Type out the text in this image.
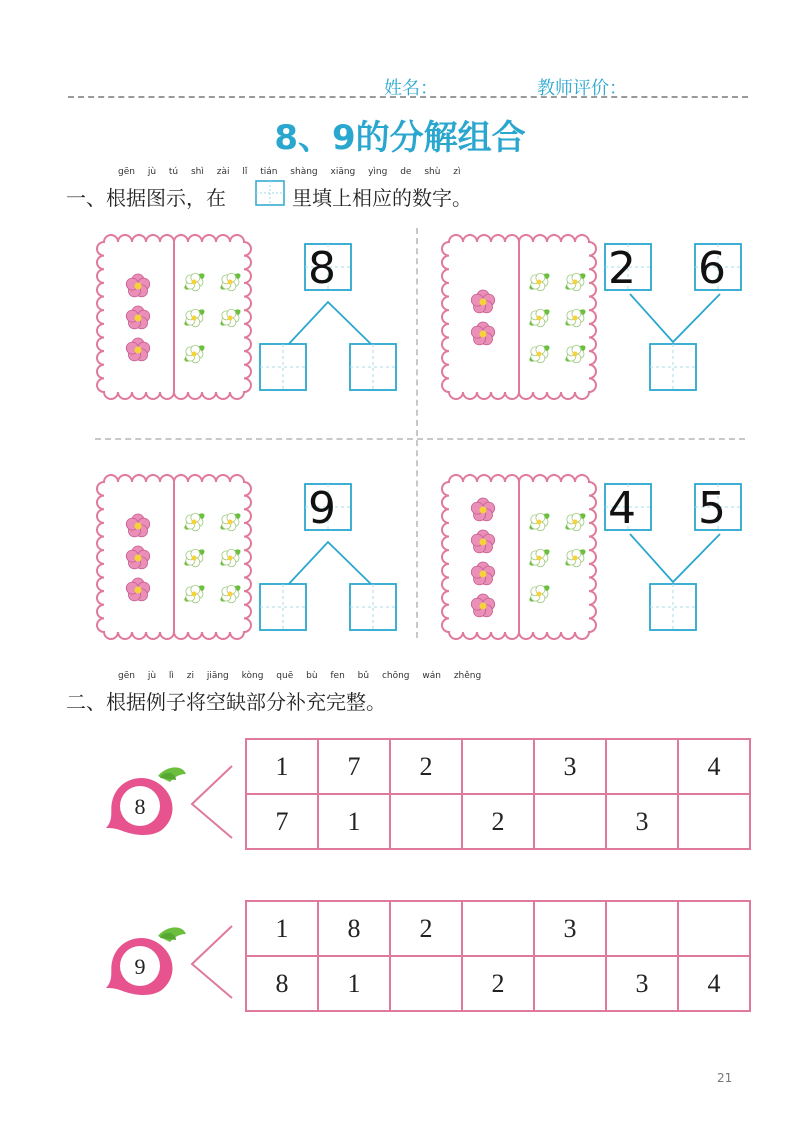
姓名：	教师评价：
8、9的分解组合
gēn jù tú shì zài lǐ tián shàng xiāng yìng de shù zì
一、根据图示，在	里填上相应的数字。
8	2 6
9	4 5
gēn jù lì zi jiāng kòng quē bù fen bǔ chōng wán zhěng
二、根据例子将空缺部分补充完整。
8
1	7	2		3		4
7	1		2		3	
9
1	8	2		3		
8	1		2		3	4
21
